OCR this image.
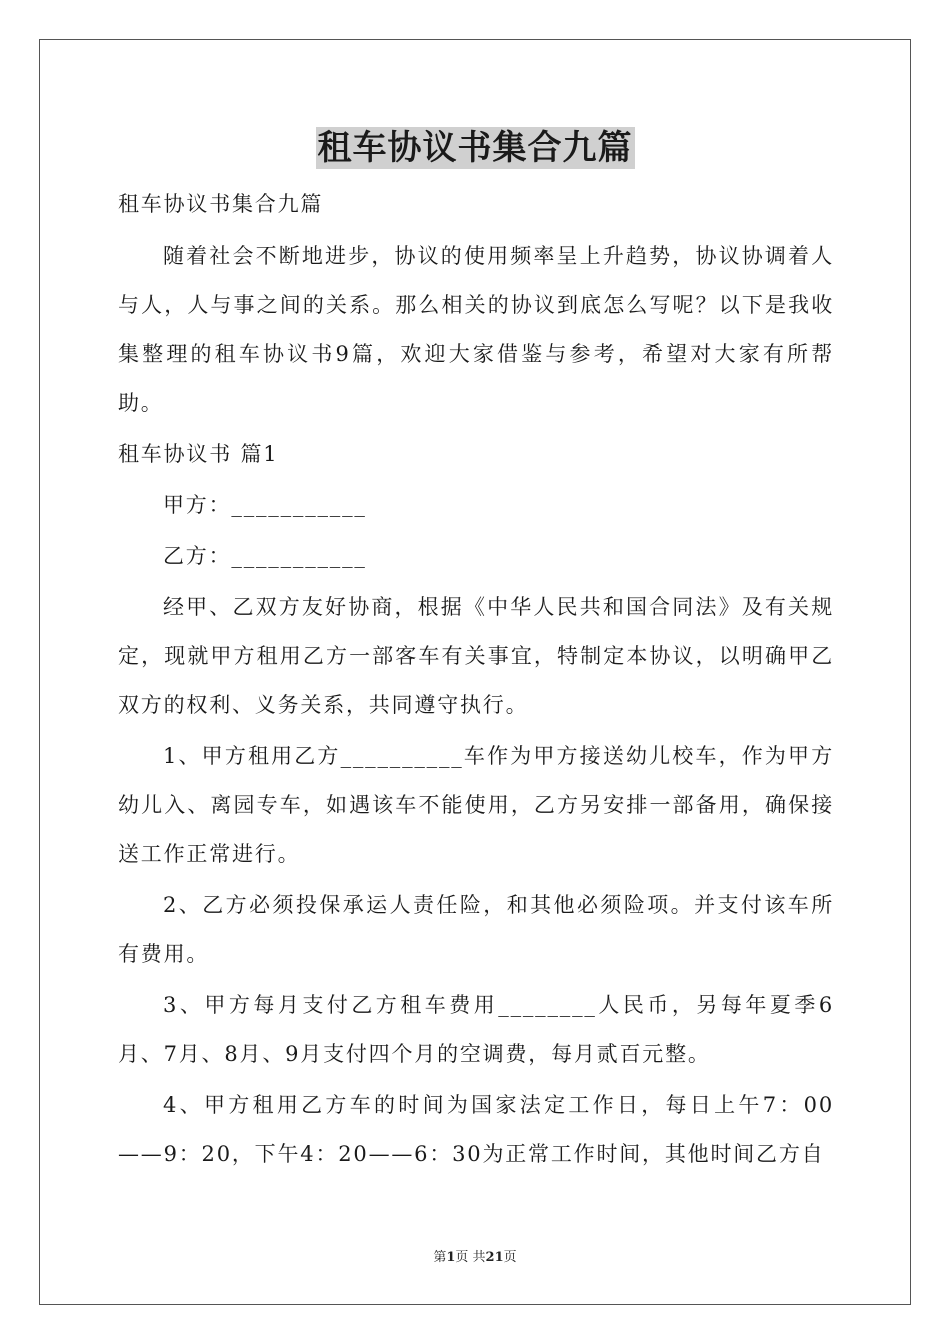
租车协议书集合九篇

租车协议书集合九篇

随着社会不断地进步，协议的使用频率呈上升趋势，协议协调着人与人，人与事之间的关系。那么相关的协议到底怎么写呢？以下是我收集整理的租车协议书9篇，欢迎大家借鉴与参考，希望对大家有所帮助。

租车协议书 篇1

甲方：___________

乙方：___________

经甲、乙双方友好协商，根据《中华人民共和国合同法》及有关规定，现就甲方租用乙方一部客车有关事宜，特制定本协议，以明确甲乙双方的权利、义务关系，共同遵守执行。

1、甲方租用乙方__________车作为甲方接送幼儿校车，作为甲方幼儿入、离园专车，如遇该车不能使用，乙方另安排一部备用，确保接送工作正常进行。

2、乙方必须投保承运人责任险，和其他必须险项。并支付该车所有费用。

3、甲方每月支付乙方租车费用________人民币，另每年夏季6月、7月、8月、9月支付四个月的空调费，每月贰百元整。

4、甲方租用乙方车的时间为国家法定工作日，每日上午7：00——9：20，下午4：20——6：30为正常工作时间，其他时间乙方自

第1页 共21页
